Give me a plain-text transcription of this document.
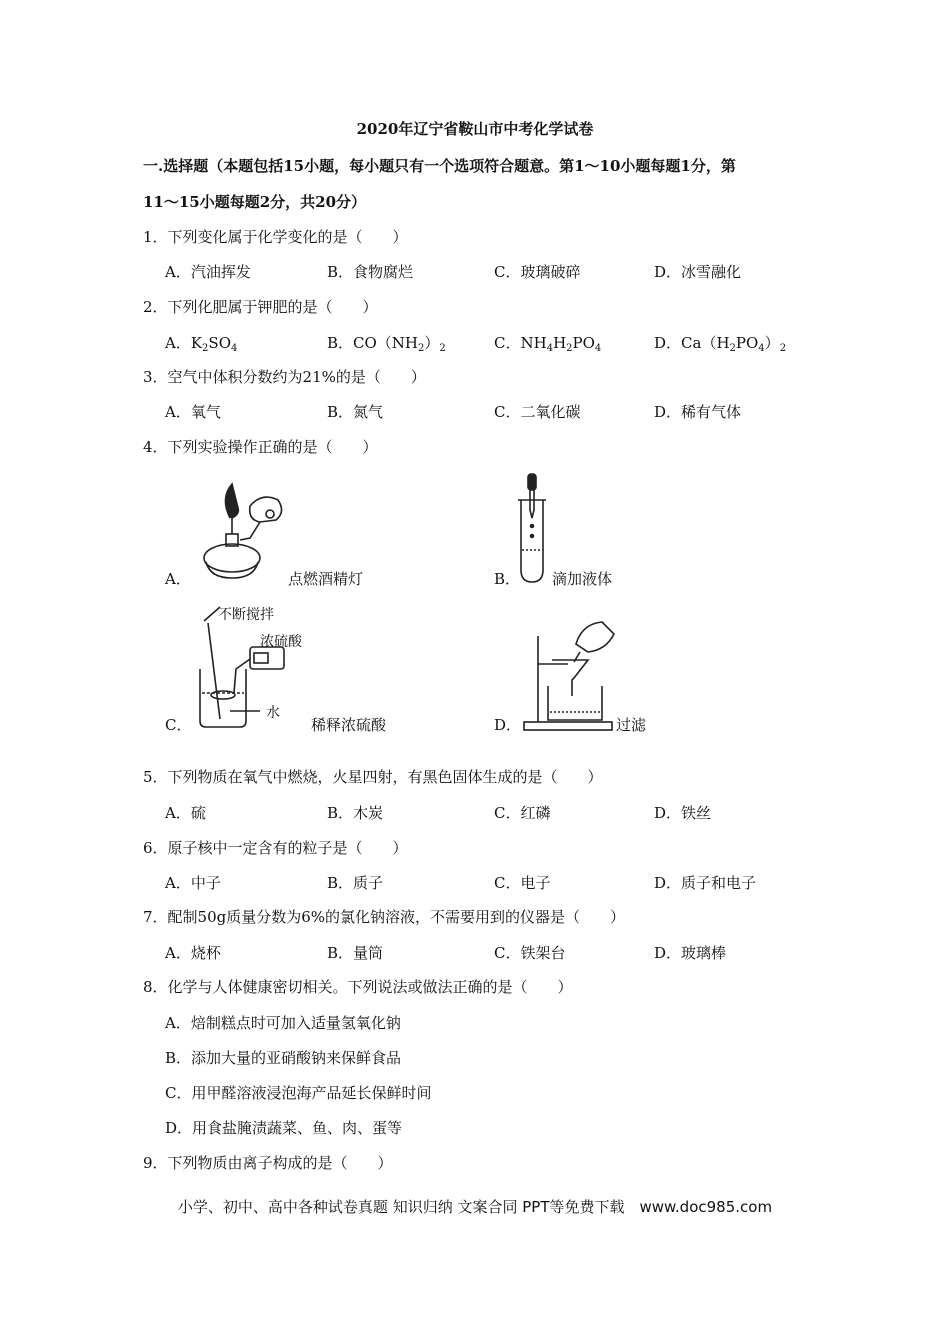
2020年辽宁省鞍山市中考化学试卷
一.选择题（本题包括15小题，每小题只有一个选项符合题意。第1～10小题每题1分，第
11～15小题每题2分，共20分）
1．下列变化属于化学变化的是（　　）
A．汽油挥发	B．食物腐烂	C．玻璃破碎	D．冰雪融化
2．下列化肥属于钾肥的是（　　）
A．$K_2SO_4$	B．$CO(NH_2)_2$	C．$NH_4H_2PO_4$	D．$Ca(H_2PO_4)_2$
3．空气中体积分数约为21%的是（　　）
A．氧气	B．氮气	C．二氧化碳	D．稀有气体
4．下列实验操作正确的是（　　）
A．	点燃酒精灯	B． 滴加液体
不断搅拌
浓硫酸
水
C．	稀释浓硫酸	D．	过滤
5．下列物质在氧气中燃烧，火星四射，有黑色固体生成的是（　　）
A．硫	B．木炭	C．红磷	D．铁丝
6．原子核中一定含有的粒子是（　　）
A．中子	B．质子	C．电子	D．质子和电子
7．配制50g质量分数为6%的氯化钠溶液，不需要用到的仪器是（　　）
A．烧杯	B．量筒	C．铁架台	D．玻璃棒
8．化学与人体健康密切相关。下列说法或做法正确的是（　　）
A．焙制糕点时可加入适量氢氧化钠
B．添加大量的亚硝酸钠来保鲜食品
C．用甲醛溶液浸泡海产品延长保鲜时间
D．用食盐腌渍蔬菜、鱼、肉、蛋等
9．下列物质由离子构成的是（　　）
小学、初中、高中各种试卷真题 知识归纳 文案合同 PPT等免费下载　www.doc985.com
